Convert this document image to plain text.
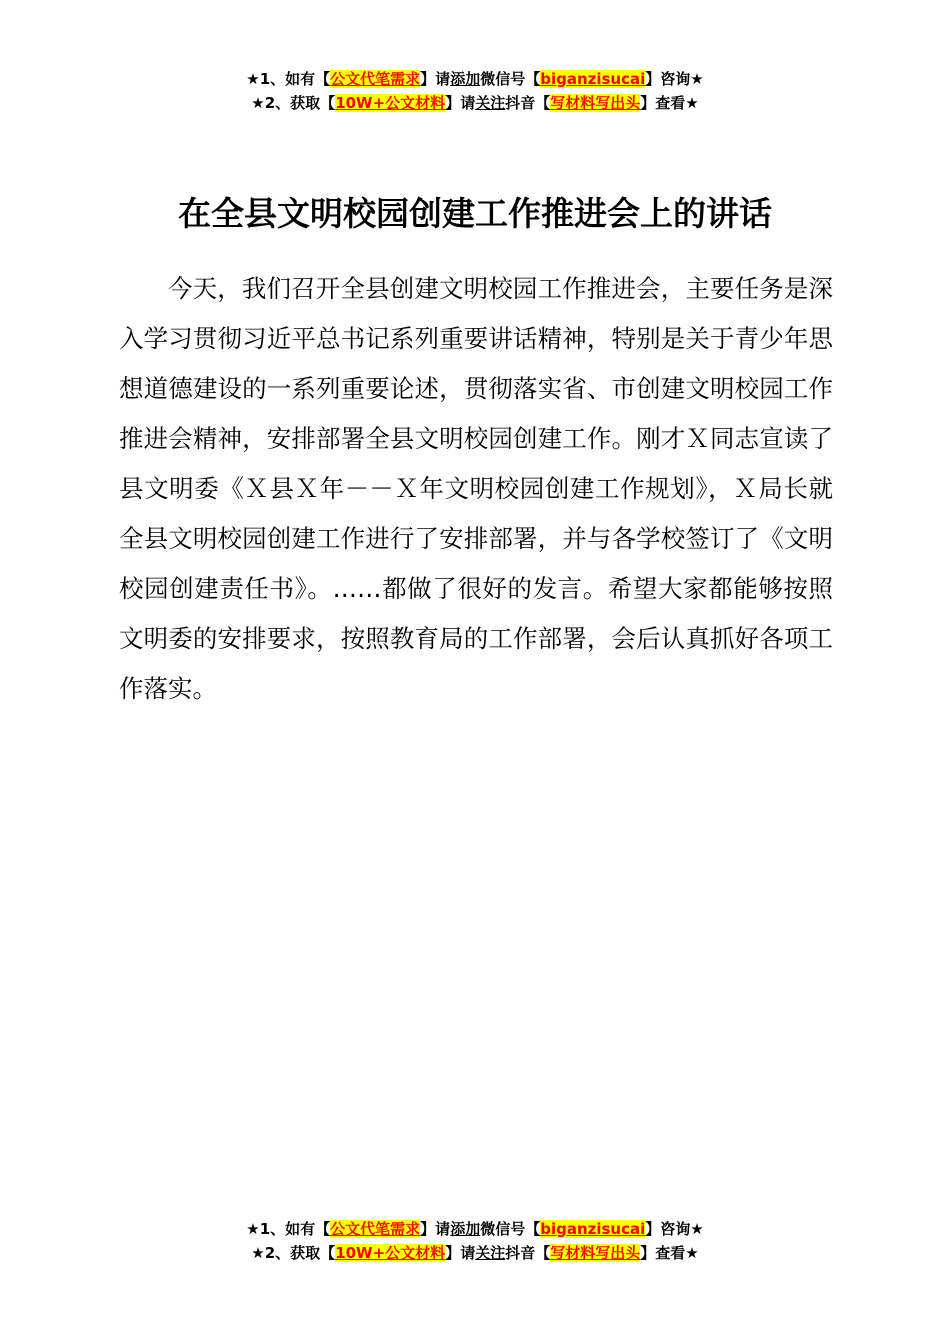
★1、如有【公文代笔需求】请添加微信号【biganzisucai】咨询★
★2、获取【10W+公文材料】请关注抖音【写材料写出头】查看★
在全县文明校园创建工作推进会上的讲话

今天，我们召开全县创建文明校园工作推进会，主要任务是深入学习贯彻习近平总书记系列重要讲话精神，特别是关于青少年思想道德建设的一系列重要论述，贯彻落实省、市创建文明校园工作推进会精神，安排部署全县文明校园创建工作。刚才Ｘ同志宣读了县文明委《Ｘ县Ｘ年－－Ｘ年文明校园创建工作规划》，Ｘ局长就全县文明校园创建工作进行了安排部署，并与各学校签订了《文明校园创建责任书》。……都做了很好的发言。希望大家都能够按照文明委的安排要求，按照教育局的工作部署，会后认真抓好各项工作落实。

★1、如有【公文代笔需求】请添加微信号【biganzisucai】咨询★
★2、获取【10W+公文材料】请关注抖音【写材料写出头】查看★
